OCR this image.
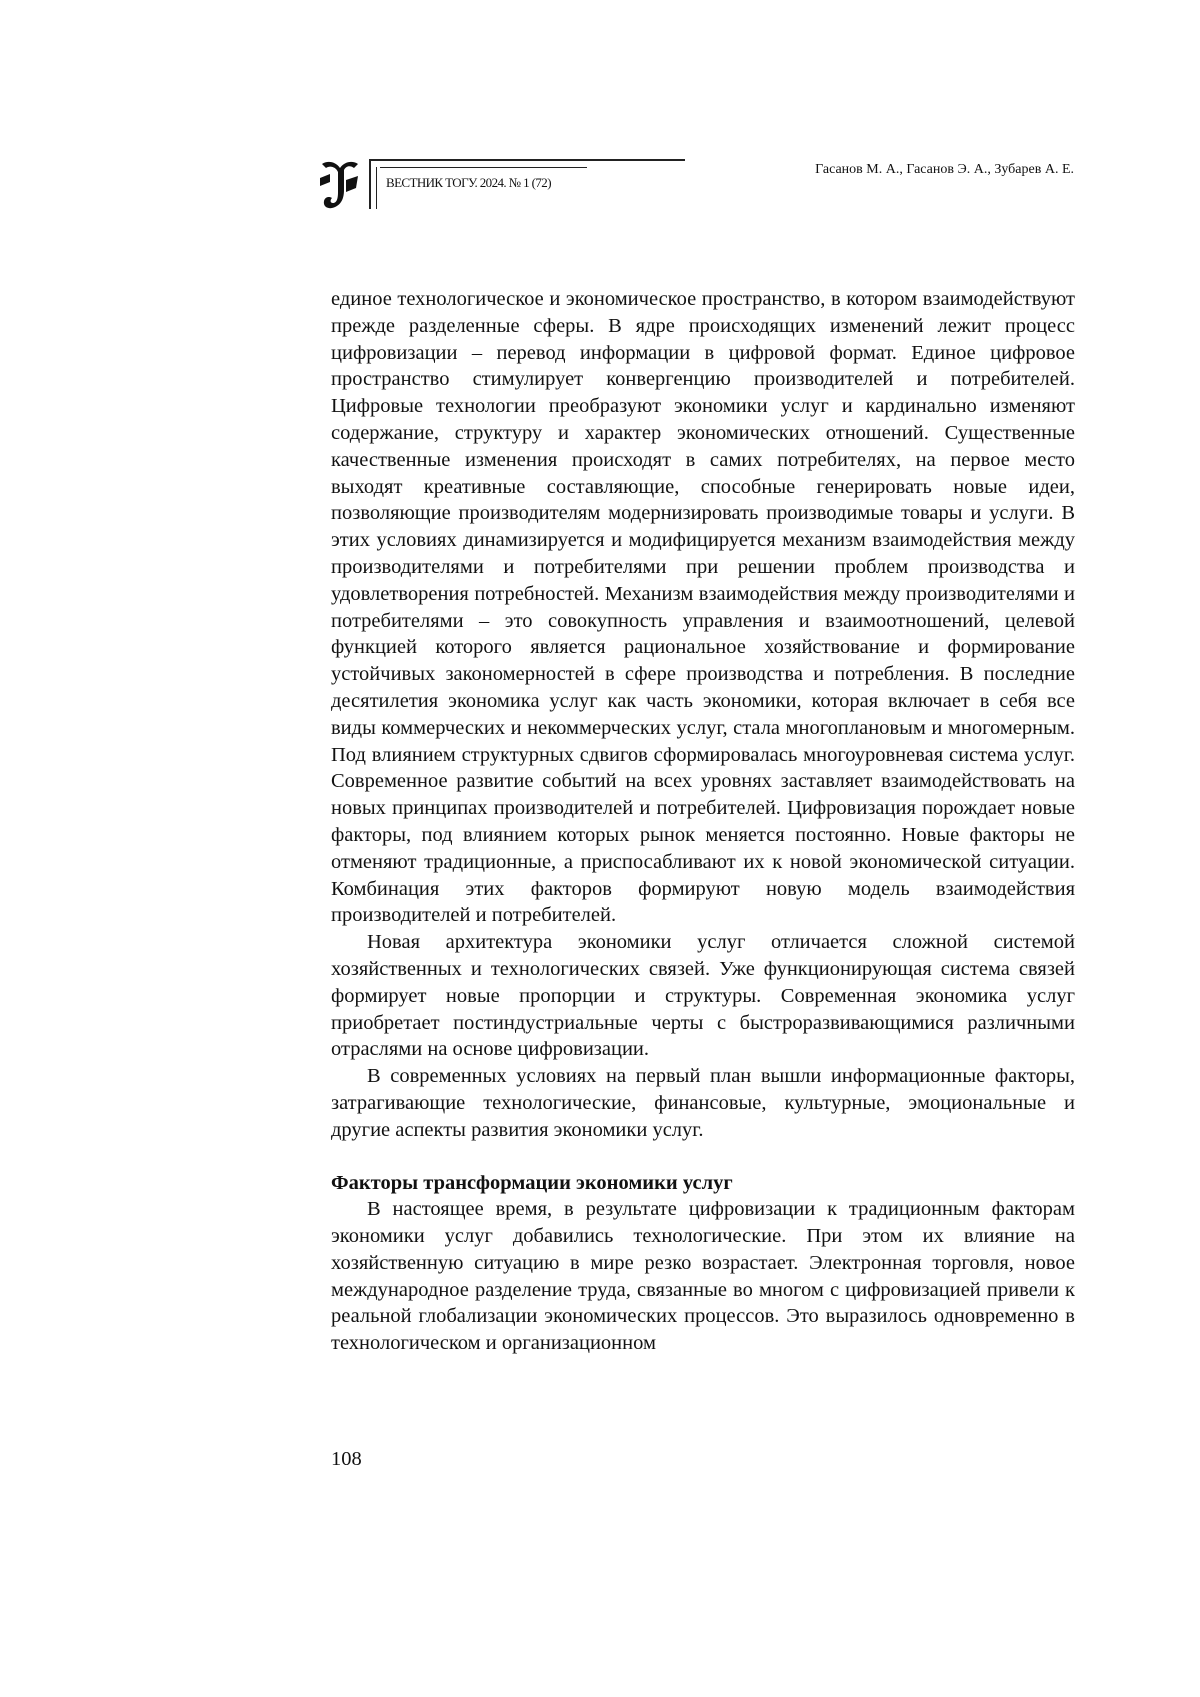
ВЕСТНИК ТОГУ. 2024. № 1 (72)
Гасанов М. А., Гасанов Э. А., Зубарев А. Е.

единое технологическое и экономическое пространство, в котором взаимодействуют прежде разделенные сферы. В ядре происходящих изменений лежит процесс цифровизации – перевод информации в цифровой формат. Единое цифровое пространство стимулирует конвергенцию производителей и потребителей. Цифровые технологии преобразуют экономики услуг и кардинально изменяют содержание, структуру и характер экономических отношений. Существенные качественные изменения происходят в самих потребителях, на первое место выходят креативные составляющие, способные генерировать новые идеи, позволяющие производителям модернизировать производимые товары и услуги. В этих условиях динамизируется и модифицируется механизм взаимодействия между производителями и потребителями при решении проблем производства и удовлетворения потребностей. Механизм взаимодействия между производителями и потребителями – это совокупность управления и взаимоотношений, целевой функцией которого является рациональное хозяйствование и формирование устойчивых закономерностей в сфере производства и потребления. В последние десятилетия экономика услуг как часть экономики, которая включает в себя все виды коммерческих и некоммерческих услуг, стала многоплановым и многомерным. Под влиянием структурных сдвигов сформировалась многоуровневая система услуг. Современное развитие событий на всех уровнях заставляет взаимодействовать на новых принципах производителей и потребителей. Цифровизация порождает новые факторы, под влиянием которых рынок меняется постоянно. Новые факторы не отменяют традиционные, а приспосабливают их к новой экономической ситуации. Комбинация этих факторов формируют новую модель взаимодействия производителей и потребителей.

Новая архитектура экономики услуг отличается сложной системой хозяйственных и технологических связей. Уже функционирующая система связей формирует новые пропорции и структуры. Современная экономика услуг приобретает постиндустриальные черты с быстроразвивающимися различными отраслями на основе цифровизации.

В современных условиях на первый план вышли информационные факторы, затрагивающие технологические, финансовые, культурные, эмоциональные и другие аспекты развития экономики услуг.

Факторы трансформации экономики услуг

В настоящее время, в результате цифровизации к традиционным факторам экономики услуг добавились технологические. При этом их влияние на хозяйственную ситуацию в мире резко возрастает. Электронная торговля, новое международное разделение труда, связанные во многом с цифровизацией привели к реальной глобализации экономических процессов. Это выразилось одновременно в технологическом и организационном

108
